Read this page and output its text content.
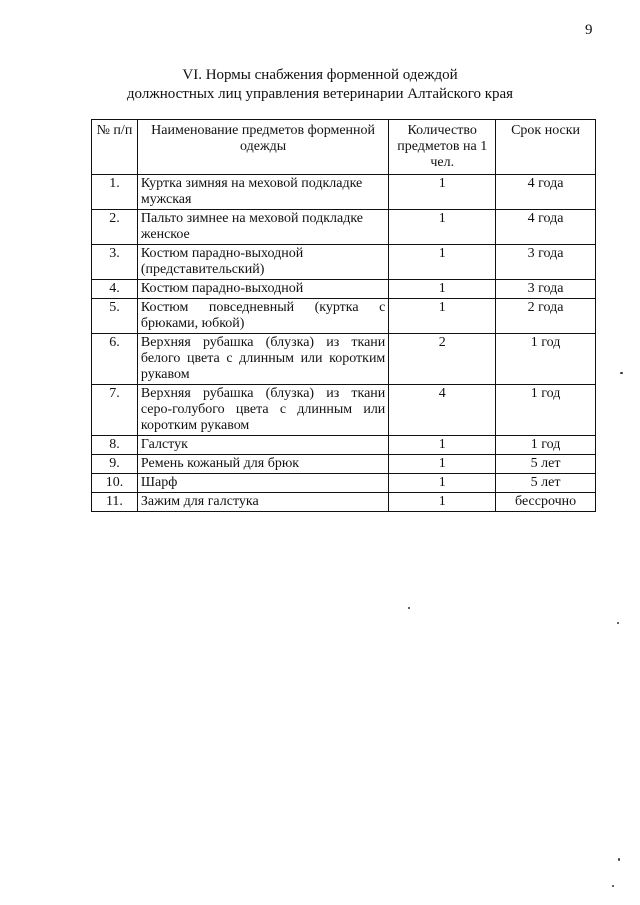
9
VI. Нормы снабжения форменной одеждой
должностных лиц управления ветеринарии Алтайского края
№ п/п	Наименование предметов форменной одежды	Количество предметов на 1 чел.	Срок носки
1.	Куртка зимняя на меховой подкладке мужская	1	4 года
2.	Пальто зимнее на меховой подкладке женское	1	4 года
3.	Костюм парадно-выходной (представительский)	1	3 года
4.	Костюм парадно-выходной	1	3 года
5.	Костюм повседневный (куртка с брюками, юбкой)	1	2 года
6.	Верхняя рубашка (блузка) из ткани белого цвета с длинным или коротким рукавом	2	1 год
7.	Верхняя рубашка (блузка) из ткани серо-голубого цвета с длинным или коротким рукавом	4	1 год
8.	Галстук	1	1 год
9.	Ремень кожаный для брюк	1	5 лет
10.	Шарф	1	5 лет
11.	Зажим для галстука	1	бессрочно
